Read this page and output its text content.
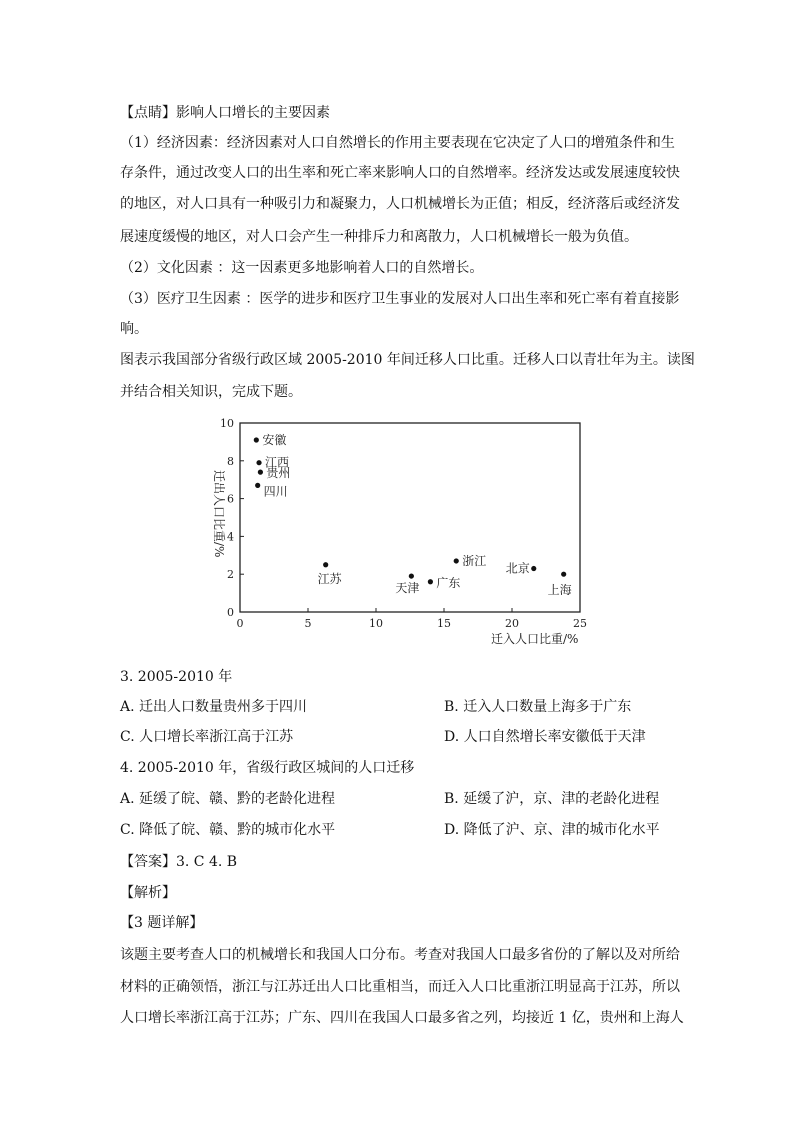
【点睛】影响人口增长的主要因素
（1）经济因素：经济因素对人口自然增长的作用主要表现在它决定了人口的增殖条件和生
存条件，通过改变人口的出生率和死亡率来影响人口的自然增率。经济发达或发展速度较快
的地区，对人口具有一种吸引力和凝聚力，人口机械增长为正值；相反，经济落后或经济发
展速度缓慢的地区，对人口会产生一种排斥力和离散力，人口机械增长一般为负值。
（2）文化因素 ：这一因素更多地影响着人口的自然增长。
（3）医疗卫生因素 ：医学的进步和医疗卫生事业的发展对人口出生率和死亡率有着直接影
响。
图表示我国部分省级行政区域 2005-2010 年间迁移人口比重。迁移人口以青壮年为主。读图
并结合相关知识，完成下题。
0	5	10	15	20	25
0
2
4
6
8
10
安徽
江西
贵州
四川
江苏
天津 广东
浙江
北京
上海
迁出人口比重/%
迁入人口比重/%
3. 2005-2010 年
A. 迁出人口数量贵州多于四川	B. 迁入人口数量上海多于广东
C. 人口增长率浙江高于江苏	D. 人口自然增长率安徽低于天津
4. 2005-2010 年，省级行政区城间的人口迁移
A. 延缓了皖、赣、黔的老龄化进程	B. 延缓了沪，京、津的老龄化进程
C. 降低了皖、赣、黔的城市化水平	D. 降低了沪、京、津的城市化水平
【答案】3. C 4. B
【解析】
【3 题详解】
该题主要考查人口的机械增长和我国人口分布。考查对我国人口最多省份的了解以及对所给
材料的正确领悟，浙江与江苏迁出人口比重相当，而迁入人口比重浙江明显高于江苏，所以
人口增长率浙江高于江苏；广东、四川在我国人口最多省之列，均接近 1 亿，贵州和上海人
